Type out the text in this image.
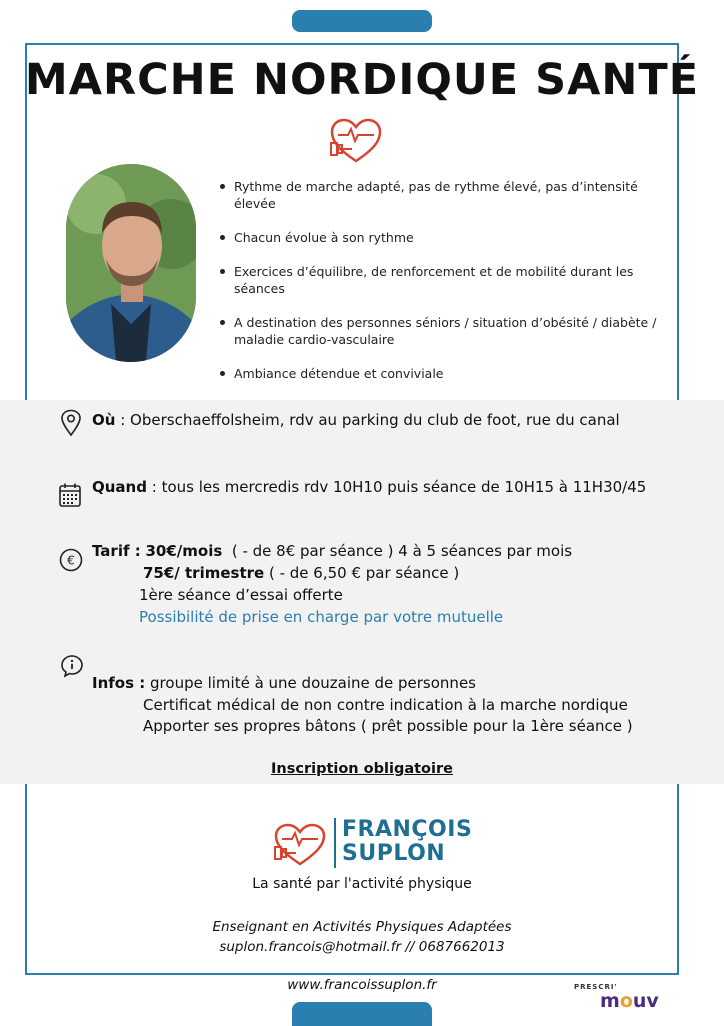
MARCHE NORDIQUE SANTÉ
Rythme de marche adapté, pas de rythme élevé, pas d’intensité élevée
Chacun évolue à son rythme
Exercices d’équilibre, de renforcement et de mobilité durant les séances
A destination des personnes séniors / situation d’obésité / diabète / maladie cardio-vasculaire
Ambiance détendue et conviviale
Où : Oberschaeffolsheim, rdv au parking du club de foot, rue du canal
Quand : tous les mercredis rdv 10H10 puis séance de 10H15 à 11H30/45
€
Tarif : 30€/mois ( - de 8€ par séance ) 4 à 5 séances par mois
75€/ trimestre ( - de 6,50 € par séance )
1ère séance d’essai offerte
Possibilité de prise en charge par votre mutuelle
Infos : groupe limité à une douzaine de personnes
Certificat médical de non contre indication à la marche nordique
Apporter ses propres bâtons ( prêt possible pour la 1ère séance )
Inscription obligatoire
FRANÇOIS
SUPLON
La santé par l'activité physique
Enseignant en Activités Physiques Adaptées
suplon.francois@hotmail.fr // 0687662013
www.francoissuplon.fr	PRESCRI'
mouv
